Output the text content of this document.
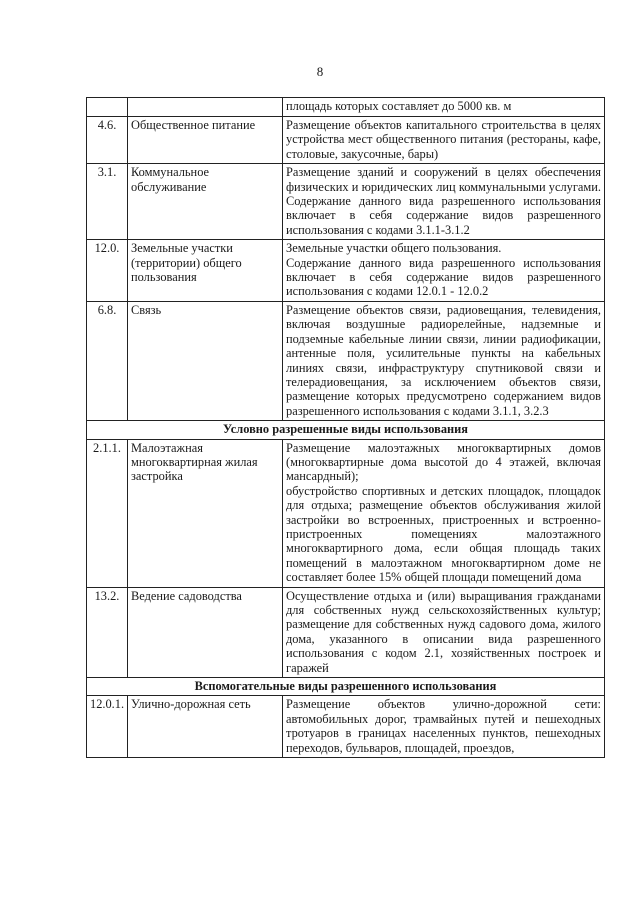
8
		площадь которых составляет до 5000 кв. м
4.6.	Общественное питание	Размещение объектов капитального строительства в целях устройства мест общественного питания (рестораны, кафе, столовые, закусочные, бары)
3.1.	Коммунальное обслуживание	Размещение зданий и сооружений в целях обеспечения физических и юридических лиц коммунальными услугами. Содержание данного вида разрешенного использования включает в себя содержание видов разрешенного использования с кодами 3.1.1-3.1.2
12.0.	Земельные участки (территории) общего пользования	Земельные участки общего пользования.
Содержание данного вида разрешенного использования включает в себя содержание видов разрешенного использования с кодами 12.0.1 - 12.0.2
6.8.	Связь	Размещение объектов связи, радиовещания, телевидения, включая воздушные радиорелейные, надземные и подземные кабельные линии связи, линии радиофикации, антенные поля, усилительные пункты на кабельных линиях связи, инфраструктуру спутниковой связи и телерадиовещания, за исключением объектов связи, размещение которых предусмотрено содержанием видов разрешенного использования с кодами 3.1.1, 3.2.3
Условно разрешенные виды использования		
2.1.1.	Малоэтажная многоквартирная жилая застройка	Размещение малоэтажных многоквартирных домов (многоквартирные дома высотой до 4 этажей, включая мансардный);
обустройство спортивных и детских площадок, площадок для отдыха; размещение объектов обслуживания жилой застройки во встроенных, пристроенных и встроенно-пристроенных помещениях малоэтажного многоквартирного дома, если общая площадь таких помещений в малоэтажном многоквартирном доме не составляет более 15% общей площади помещений дома
13.2.	Ведение садоводства	Осуществление отдыха и (или) выращивания гражданами для собственных нужд сельскохозяйственных культур; размещение для собственных нужд садового дома, жилого дома, указанного в описании вида разрешенного использования с кодом 2.1, хозяйственных построек и гаражей
Вспомогательные виды разрешенного использования		
12.0.1.	Улично-дорожная сеть	Размещение объектов улично-дорожной сети: автомобильных дорог, трамвайных путей и пешеходных тротуаров в границах населенных пунктов, пешеходных переходов, бульваров, площадей, проездов,
